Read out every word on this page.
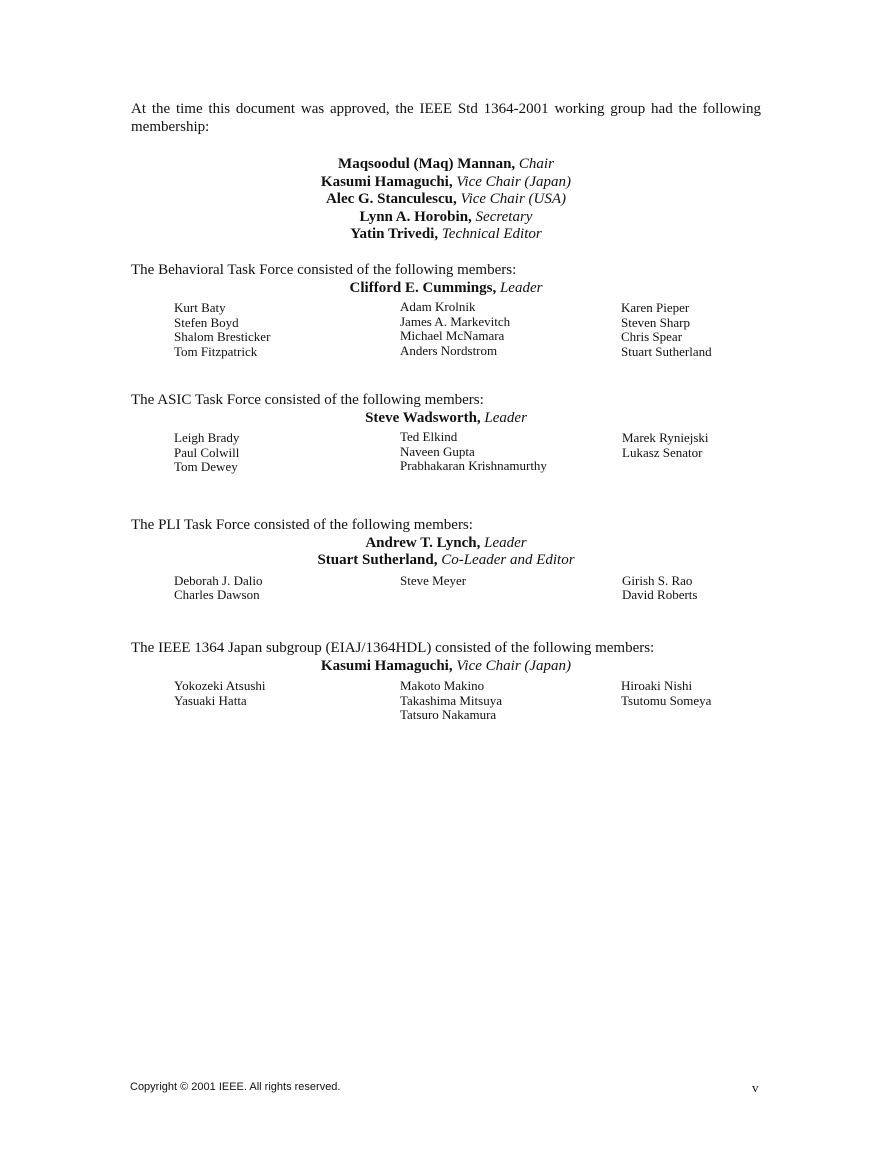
At the time this document was approved, the IEEE Std 1364-2001 working group had the following membership:
Maqsoodul (Maq) Mannan, Chair
Kasumi Hamaguchi, Vice Chair (Japan)
Alec G. Stanculescu, Vice Chair (USA)
Lynn A. Horobin, Secretary
Yatin Trivedi, Technical Editor
The Behavioral Task Force consisted of the following members:
Clifford E. Cummings, Leader
Kurt Baty
Stefen Boyd
Shalom Bresticker
Tom Fitzpatrick
Adam Krolnik
James A. Markevitch
Michael McNamara
Anders Nordstrom
Karen Pieper
Steven Sharp
Chris Spear
Stuart Sutherland
The ASIC Task Force consisted of the following members:
Steve Wadsworth, Leader
Leigh Brady
Paul Colwill
Tom Dewey
Ted Elkind
Naveen Gupta
Prabhakaran Krishnamurthy
Marek Ryniejski
Lukasz Senator
The PLI Task Force consisted of the following members:
Andrew T. Lynch, Leader
Stuart Sutherland, Co-Leader and Editor
Deborah J. Dalio
Charles Dawson
Steve Meyer	Girish S. Rao
David Roberts
The IEEE 1364 Japan subgroup (EIAJ/1364HDL) consisted of the following members:
Kasumi Hamaguchi, Vice Chair (Japan)
Yokozeki Atsushi
Yasuaki Hatta
Makoto Makino
Takashima Mitsuya
Tatsuro Nakamura
Hiroaki Nishi
Tsutomu Someya
Copyright © 2001 IEEE. All rights reserved.	v
